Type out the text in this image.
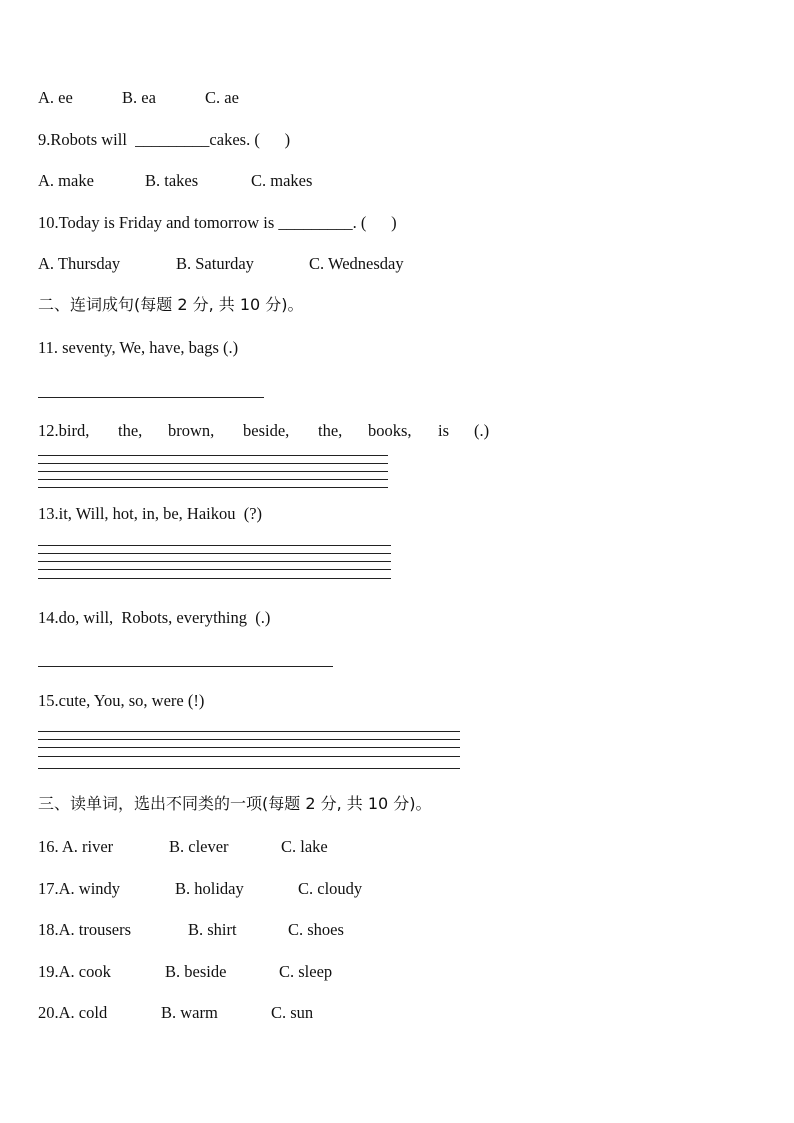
A. ee	B. ea	C. ae
9.Robots will  _________cakes. (      )
A. make	B. takes	C. makes
10.Today is Friday and tomorrow is _________. (      )
A. Thursday	B. Saturday	C. Wednesday
二、连词成句(每题 2 分, 共 10 分)。
11. seventy, We, have, bags (.)
12.bird, the, brown, beside, the, books, is (.)
13.it, Will, hot, in, be, Haikou  (?)
14.do, will,  Robots, everything  (.)
15.cute, You, so, were (!)
三、读单词，选出不同类的一项(每题 2 分, 共 10 分)。
16. A. river	B. clever	C. lake
17.A. windy	B. holiday	C. cloudy
18.A. trousers	B. shirt	C. shoes
19.A. cook	B. beside	C. sleep
20.A. cold	B. warm	C. sun
